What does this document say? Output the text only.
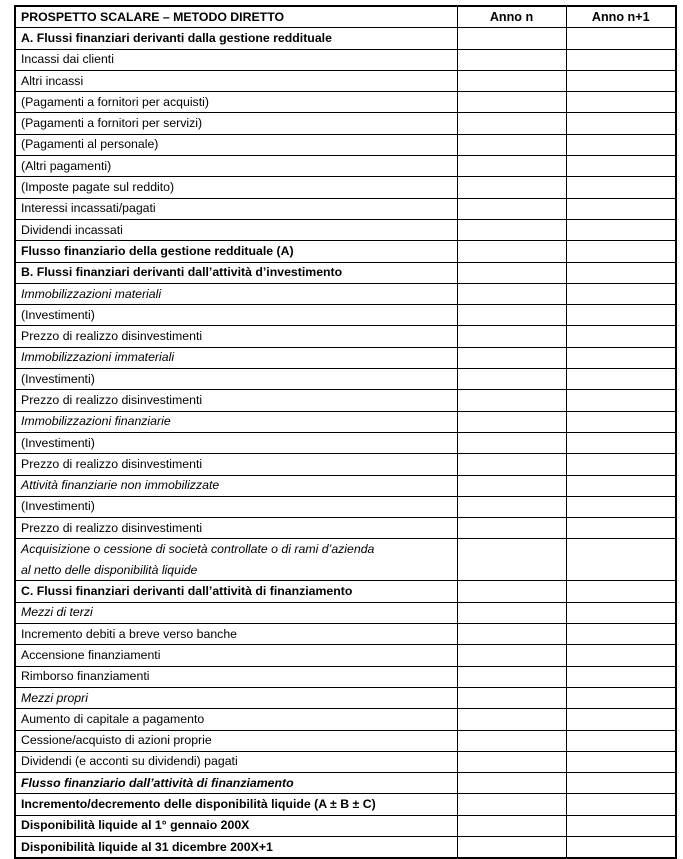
PROSPETTO SCALARE – METODO DIRETTO	Anno n	Anno n+1
A. Flussi finanziari derivanti dalla gestione reddituale		
Incassi dai clienti		
Altri incassi		
(Pagamenti a fornitori per acquisti)		
(Pagamenti a fornitori per servizi)		
(Pagamenti al personale)		
(Altri pagamenti)		
(Imposte pagate sul reddito)		
Interessi incassati/pagati		
Dividendi incassati		
Flusso finanziario della gestione reddituale (A)		
B. Flussi finanziari derivanti dall’attività d’investimento		
Immobilizzazioni materiali		
(Investimenti)		
Prezzo di realizzo disinvestimenti		
Immobilizzazioni immateriali		
(Investimenti)		
Prezzo di realizzo disinvestimenti		
Immobilizzazioni finanziarie		
(Investimenti)		
Prezzo di realizzo disinvestimenti		
Attività finanziarie non immobilizzate		
(Investimenti)		
Prezzo di realizzo disinvestimenti		
Acquisizione o cessione di società controllate o di rami d’azienda
al netto delle disponibilità liquide		

C. Flussi finanziari derivanti dall’attività di finanziamento		
Mezzi di terzi		
Incremento debiti a breve verso banche		
Accensione finanziamenti		
Rimborso finanziamenti		
Mezzi propri		
Aumento di capitale a pagamento		
Cessione/acquisto di azioni proprie		
Dividendi (e acconti su dividendi) pagati		
Flusso finanziario dall’attività di finanziamento		
Incremento/decremento delle disponibilità liquide (A ± B ± C)		
Disponibilità liquide al 1° gennaio 200X		
Disponibilità liquide al 31 dicembre 200X+1		
